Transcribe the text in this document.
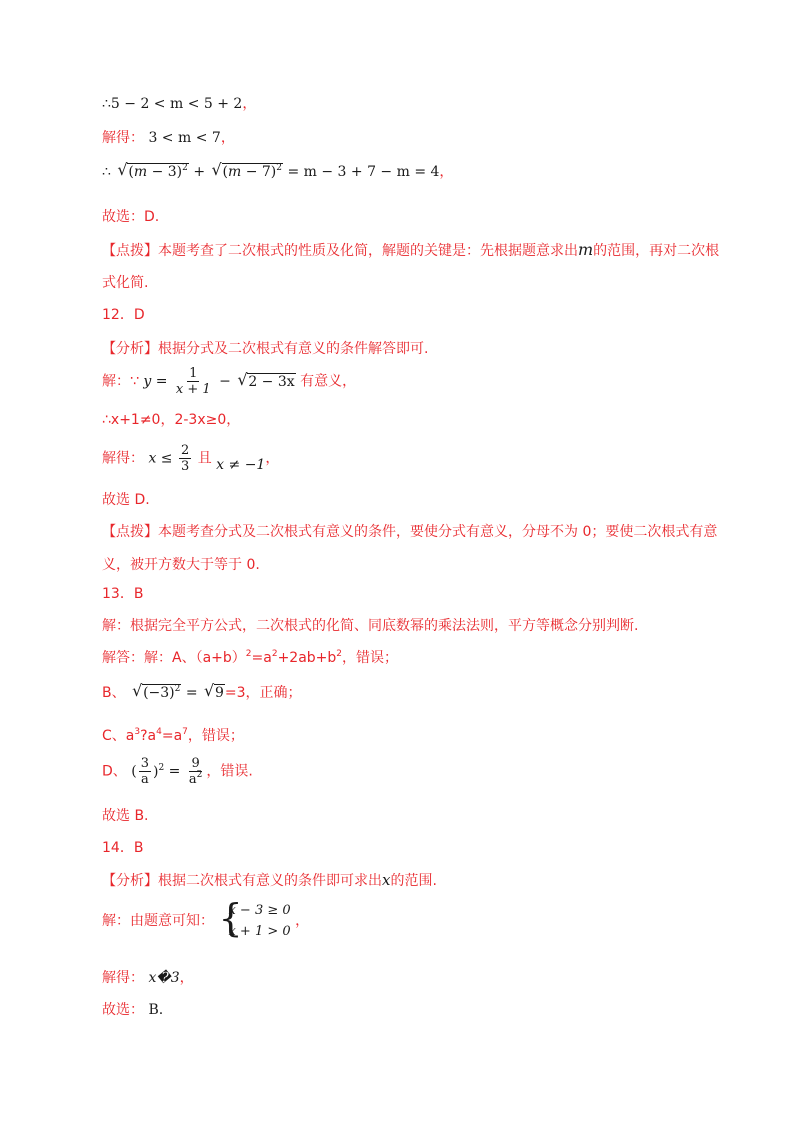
∴5 − 2 < m < 5 + 2，
解得： 3 < m < 7，
∴ √ $(m - 3)^2$ + √ $(m - 7)^2 = m - 3 + 7 - m = 4$，
故选：D.
【点拨】本题考查了二次根式的性质及化简，解题的关键是：先根据题意求出m的范围，再对二次根
式化简.
12．D
【分析】根据分式及二次根式有意义的条件解答即可.
解：∵ $y = \frac{1}{x + 1}$ − √ 2 − 3x 有意义，
∴x+1≠0，2-3x≥0，
解得： $x \le \frac{2}{3}$ 且 x ≠ −1，
故选 D.
【点拨】本题考查分式及二次根式有意义的条件，要使分式有意义，分母不为 0；要使二次根式有意
义，被开方数大于等于 0.
13．B
解：根据完全平方公式，二次根式的化简、同底数幂的乘法法则，平方等概念分别判断.
解答：解：A、$(a+b)^2=a^2+2ab+b^2$，错误；
B、 √ $(-3)^2$ = √ 9=3，正确；
C、$a^3?a^4=a^7$，错误；
D、 ( $\frac{3}{a} )^2 = \frac{9}{a^2}$ ，错误.
故选 B.
14．B
【分析】根据二次根式有意义的条件即可求出x的范围.
解：由题意可知： {
x − 3 ≥ 0
x + 1 > 0
，
解得： x�3，
故选： B.
